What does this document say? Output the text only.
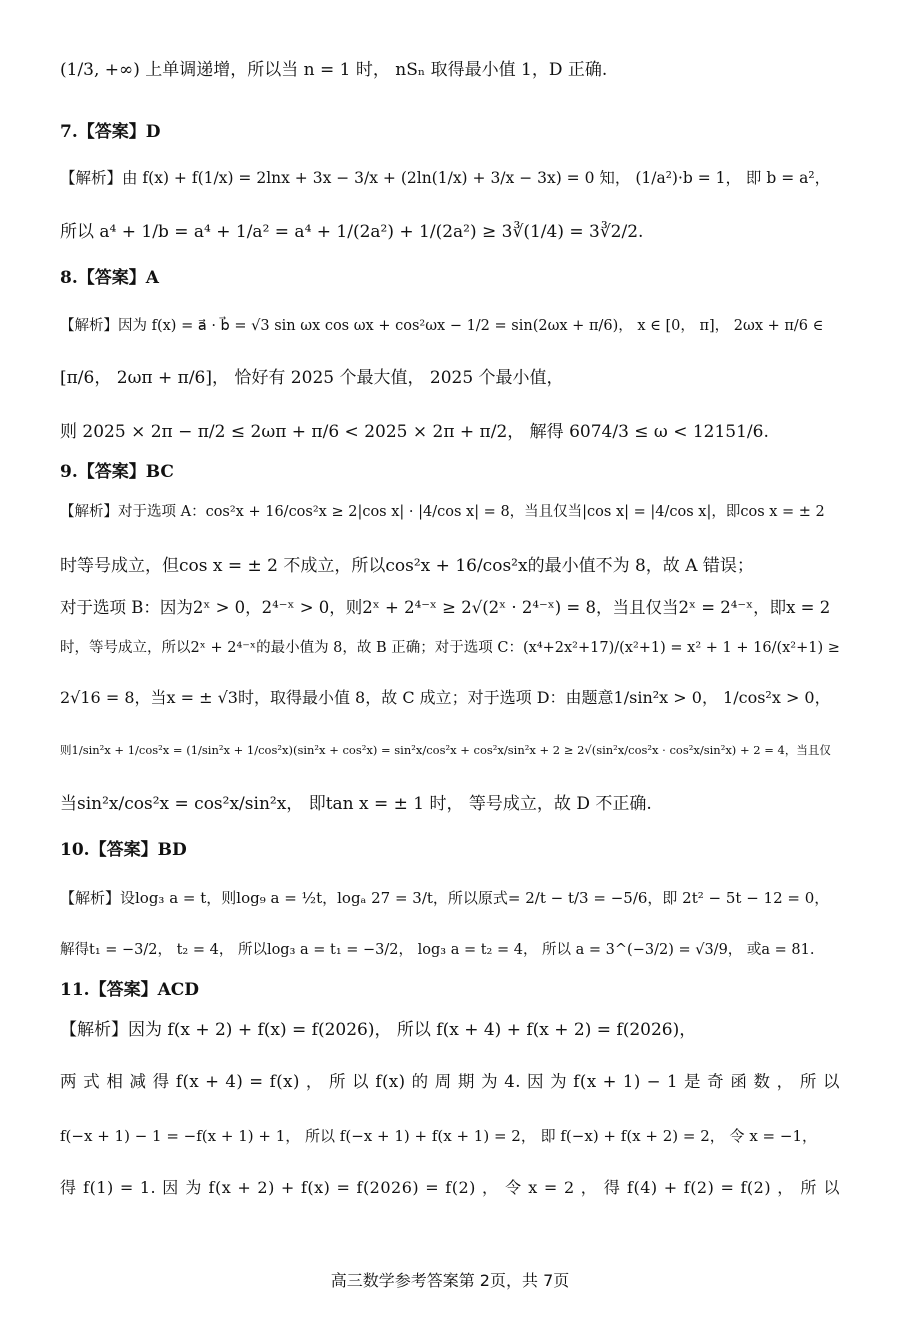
(1/3, +∞) 上单调递增，所以当 n = 1 时， nSₙ 取得最小值 1，D 正确.
7.【答案】D
【解析】由 f(x) + f(1/x) = 2lnx + 3x − 3/x + (2ln(1/x) + 3/x − 3x) = 0 知， (1/a²)·b = 1， 即 b = a²，
所以 a⁴ + 1/b = a⁴ + 1/a² = a⁴ + 1/(2a²) + 1/(2a²) ≥ 3∛(1/4) = 3∛2/2.
8.【答案】A
【解析】因为 f(x) = a⃗ · b⃗ = √3 sin ωx cos ωx + cos²ωx − 1/2 = sin(2ωx + π/6)， x ∈ [0， π]， 2ωx + π/6 ∈
[π/6， 2ωπ + π/6]， 恰好有 2025 个最大值， 2025 个最小值，
则 2025 × 2π − π/2 ≤ 2ωπ + π/6 < 2025 × 2π + π/2， 解得 6074/3 ≤ ω < 12151/6.
9.【答案】BC
【解析】对于选项 A：cos²x + 16/cos²x ≥ 2|cos x| · |4/cos x| = 8，当且仅当|cos x| = |4/cos x|，即cos x = ± 2
时等号成立，但cos x = ± 2 不成立，所以cos²x + 16/cos²x的最小值不为 8，故 A 错误；
对于选项 B：因为2ˣ > 0，2⁴⁻ˣ > 0，则2ˣ + 2⁴⁻ˣ ≥ 2√(2ˣ · 2⁴⁻ˣ) = 8，当且仅当2ˣ = 2⁴⁻ˣ，即x = 2
时，等号成立，所以2ˣ + 2⁴⁻ˣ的最小值为 8，故 B 正确；对于选项 C：(x⁴+2x²+17)/(x²+1) = x² + 1 + 16/(x²+1) ≥
2√16 = 8，当x = ± √3时，取得最小值 8，故 C 成立；对于选项 D：由题意1/sin²x > 0， 1/cos²x > 0，
则1/sin²x + 1/cos²x = (1/sin²x + 1/cos²x)(sin²x + cos²x) = sin²x/cos²x + cos²x/sin²x + 2 ≥ 2√(sin²x/cos²x · cos²x/sin²x) + 2 = 4，当且仅
当sin²x/cos²x = cos²x/sin²x， 即tan x = ± 1 时， 等号成立，故 D 不正确.
10.【答案】BD
【解析】设log₃ a = t，则log₉ a = ½t，logₐ 27 = 3/t，所以原式= 2/t − t/3 = −5/6，即 2t² − 5t − 12 = 0，
解得t₁ = −3/2， t₂ = 4， 所以log₃ a = t₁ = −3/2， log₃ a = t₂ = 4， 所以 a = 3^(−3/2) = √3/9， 或a = 81.
11.【答案】ACD
【解析】因为 f(x + 2) + f(x) = f(2026)， 所以 f(x + 4) + f(x + 2) = f(2026)，
两 式 相 减 得 f(x + 4) = f(x) ， 所 以 f(x) 的 周 期 为 4. 因 为 f(x + 1) − 1 是 奇 函 数 ， 所 以
f(−x + 1) − 1 = −f(x + 1) + 1， 所以 f(−x + 1) + f(x + 1) = 2， 即 f(−x) + f(x + 2) = 2， 令 x = −1，
得 f(1) = 1. 因 为 f(x + 2) + f(x) = f(2026) = f(2) ， 令 x = 2 ， 得 f(4) + f(2) = f(2) ， 所 以
高三数学参考答案第 2页，共 7页
